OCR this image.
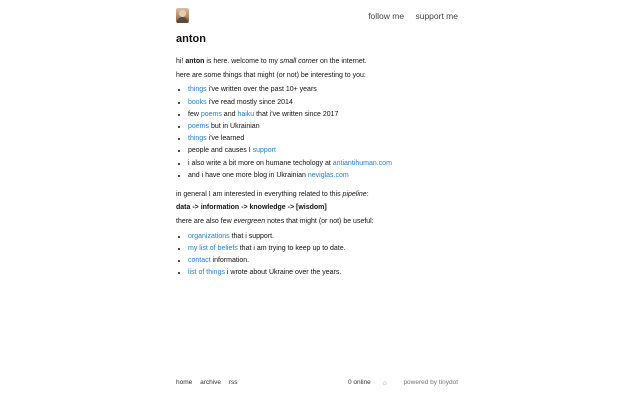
follow me support me
anton

hi! anton is here. welcome to my small corner on the internet.

here are some things that might (or not) be interesting to you:

• things i've written over the past 10+ years
• books i've read mostly since 2014
• few poems and haiku that i've written since 2017
• poems but in Ukrainian
• things i've learned
• people and causes I support
• i also write a bit more on humane techology at antiantihuman.com
• and i have one more blog in Ukrainian neviglas.com

in general I am interested in everything related to this pipeline:

data -> information -> knowledge -> [wisdom]

there are also few evergreen notes that might (or not) be useful:

• organizations that i support.
• my list of beliefs that i am trying to keep up to date.
• contact information.
• list of things i wrote about Ukraine over the years.
home archive rss	0 online ☼ powered by tinydot
